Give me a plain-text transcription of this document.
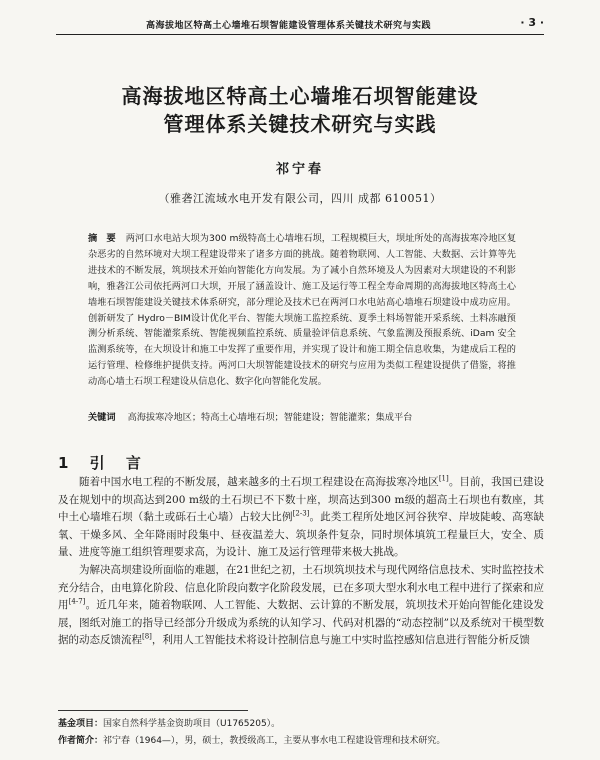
高海拔地区特高土心墙堆石坝智能建设管理体系关键技术研究与实践	· 3 ·
高海拔地区特高土心墙堆石坝智能建设
管理体系关键技术研究与实践
祁宁春
（雅砻江流域水电开发有限公司，四川 成都 610051）
摘　要 两河口水电站大坝为300 m级特高土心墙堆石坝，工程规模巨大，坝址所处的高海拔寒冷地区复杂恶劣的自然环境对大坝工程建设带来了诸多方面的挑战。随着物联网、人工智能、大数据、云计算等先进技术的不断发展，筑坝技术开始向智能化方向发展。为了减小自然环境及人为因素对大坝建设的不利影响，雅砻江公司依托两河口大坝，开展了涵盖设计、施工及运行等工程全寿命周期的高海拔地区特高土心墙堆石坝智能建设关键技术体系研究，部分理论及技术已在两河口水电站高心墙堆石坝建设中成功应用。创新研发了 Hydro－BIM设计优化平台、智能大坝施工监控系统、夏季土料场智能开采系统、土料冻融预测分析系统、智能灌浆系统、智能视频监控系统、质量验评信息系统、气象监测及预报系统、iDam 安全监测系统等，在大坝设计和施工中发挥了重要作用，并实现了设计和施工期全信息收集，为建成后工程的运行管理、检修维护提供支持。两河口大坝智能建设技术的研究与应用为类似工程建设提供了借鉴，将推动高心墙土石坝工程建设从信息化、数字化向智能化发展。
关键词 高海拔寒冷地区；特高土心墙堆石坝；智能建设；智能灌浆；集成平台
1 引 言

随着中国水电工程的不断发展，越来越多的土石坝工程建设在高海拔寒冷地区[1]。目前，我国已建设及在规划中的坝高达到200 m级的土石坝已不下数十座，坝高达到300 m级的超高土石坝也有数座，其中土心墙堆石坝（黏土或砾石土心墙）占较大比例[2-3]。此类工程所处地区河谷狭窄、岸坡陡峻、高寒缺氧、干燥多风、全年降雨时段集中、昼夜温差大、筑坝条件复杂，同时坝体填筑工程量巨大，安全、质量、进度等施工组织管理要求高，为设计、施工及运行管理带来极大挑战。

为解决高坝建设所面临的难题，在21世纪之初，土石坝筑坝技术与现代网络信息技术、实时监控技术充分结合，由电算化阶段、信息化阶段向数字化阶段发展，已在多项大型水利水电工程中进行了探索和应用[4-7]。近几年来，随着物联网、人工智能、大数据、云计算的不断发展，筑坝技术开始向智能化建设发展，图纸对施工的指导已经部分升级成为系统的认知学习、代码对机器的“动态控制”以及系统对干模型数据的动态反馈流程[8]，利用人工智能技术将设计控制信息与施工中实时监控感知信息进行智能分析反馈

基金项目：国家自然科学基金资助项目（U1765205）。
作者简介：祁宁春（1964—），男，硕士，教授级高工，主要从事水电工程建设管理和技术研究。
